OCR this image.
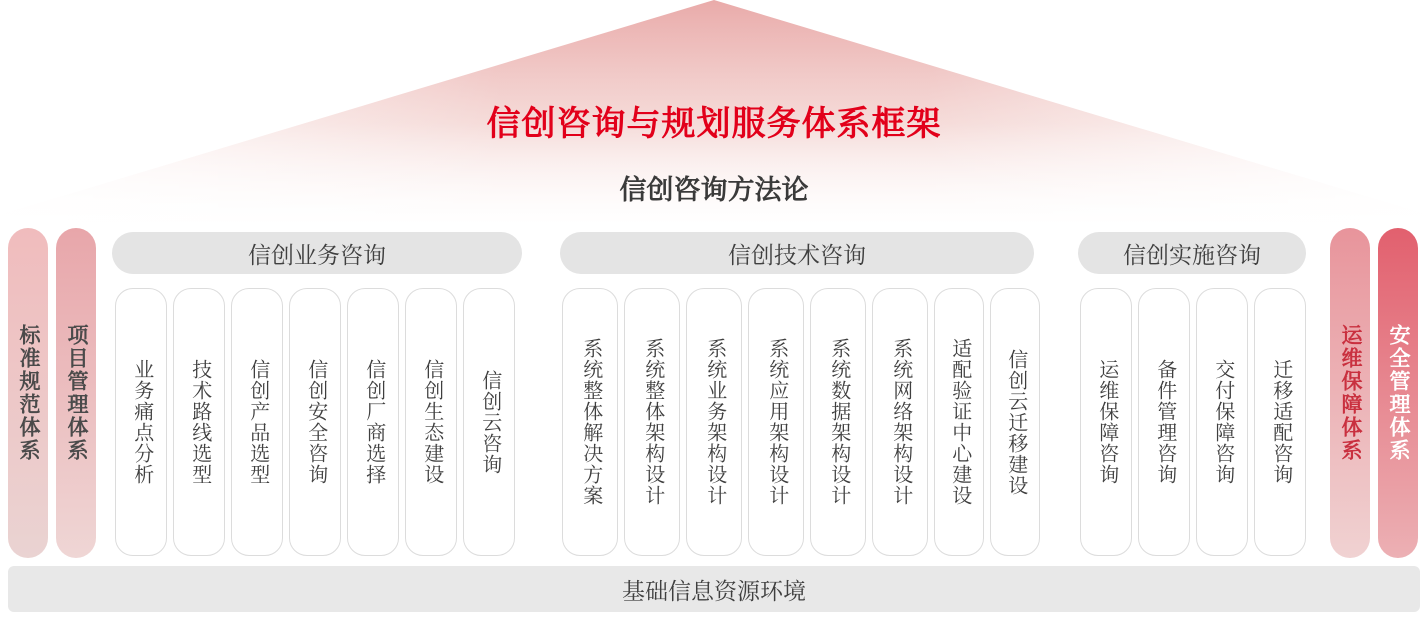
信创咨询与规划服务体系框架
信创咨询方法论
标准规范体系 项目管理体系	运维保障体系 安全管理体系
信创业务咨询	信创技术咨询	信创实施咨询
业务痛点分析 技术路线选型 信创产品选型 信创安全咨询 信创厂商选择 信创生态建设 信创云咨询	系统整体解决方案 系统整体架构设计 系统业务架构设计 系统应用架构设计 系统数据架构设计 系统网络架构设计 适配验证中心建设 信创云迁移建设	运维保障咨询 备件管理咨询 交付保障咨询 迁移适配咨询
基础信息资源环境
